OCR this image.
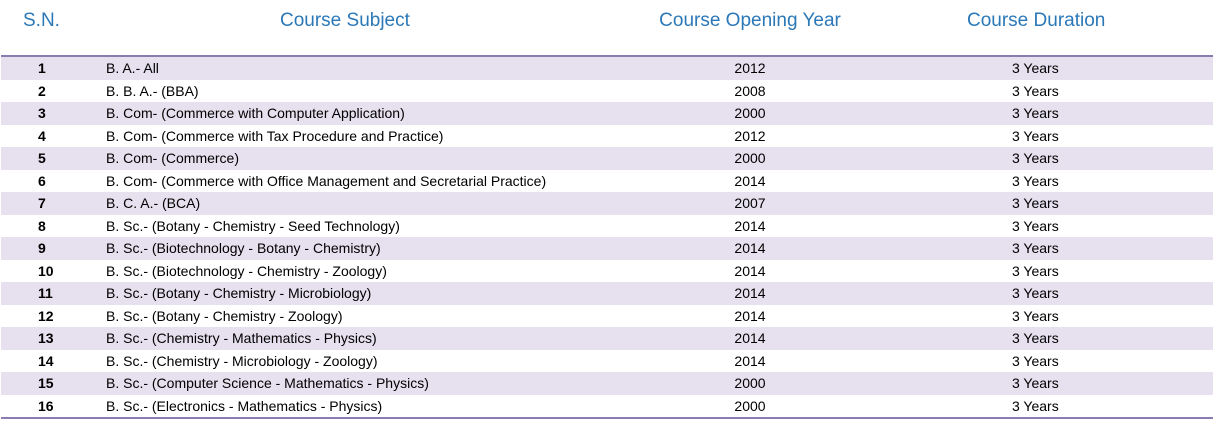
S.N.	Course Subject	Course Opening Year	Course Duration
1	B. A.- All	2012	3 Years
2	B. B. A.- (BBA)	2008	3 Years
3	B. Com- (Commerce with Computer Application)	2000	3 Years
4	B. Com- (Commerce with Tax Procedure and Practice)	2012	3 Years
5	B. Com- (Commerce)	2000	3 Years
6	B. Com- (Commerce with Office Management and Secretarial Practice)	2014	3 Years
7	B. C. A.- (BCA)	2007	3 Years
8	B. Sc.- (Botany - Chemistry - Seed Technology)	2014	3 Years
9	B. Sc.- (Biotechnology - Botany - Chemistry)	2014	3 Years
10	B. Sc.- (Biotechnology - Chemistry - Zoology)	2014	3 Years
11	B. Sc.- (Botany - Chemistry - Microbiology)	2014	3 Years
12	B. Sc.- (Botany - Chemistry - Zoology)	2014	3 Years
13	B. Sc.- (Chemistry - Mathematics - Physics)	2014	3 Years
14	B. Sc.- (Chemistry - Microbiology - Zoology)	2014	3 Years
15	B. Sc.- (Computer Science - Mathematics - Physics)	2000	3 Years
16	B. Sc.- (Electronics - Mathematics - Physics)	2000	3 Years
